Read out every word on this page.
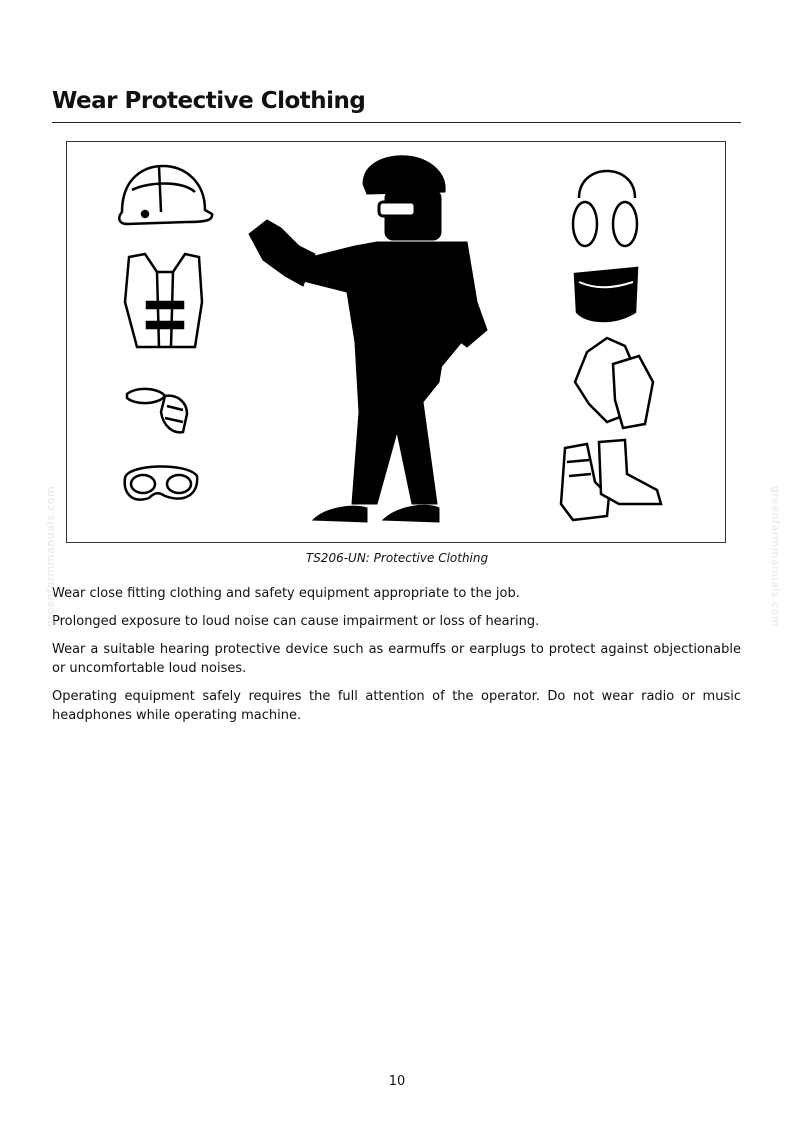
Wear Protective Clothing
TS206-UN: Protective Clothing

Wear close fitting clothing and safety equipment appropriate to the job.

Prolonged exposure to loud noise can cause impairment or loss of hearing.

Wear a suitable hearing protective device such as earmuffs or earplugs to protect against objectionable or uncomfortable loud noises.

Operating equipment safely requires the full attention of the operator. Do not wear radio or music headphones while operating machine.

greenfarmmanuals.com	greenfarmmanuals.com
10
